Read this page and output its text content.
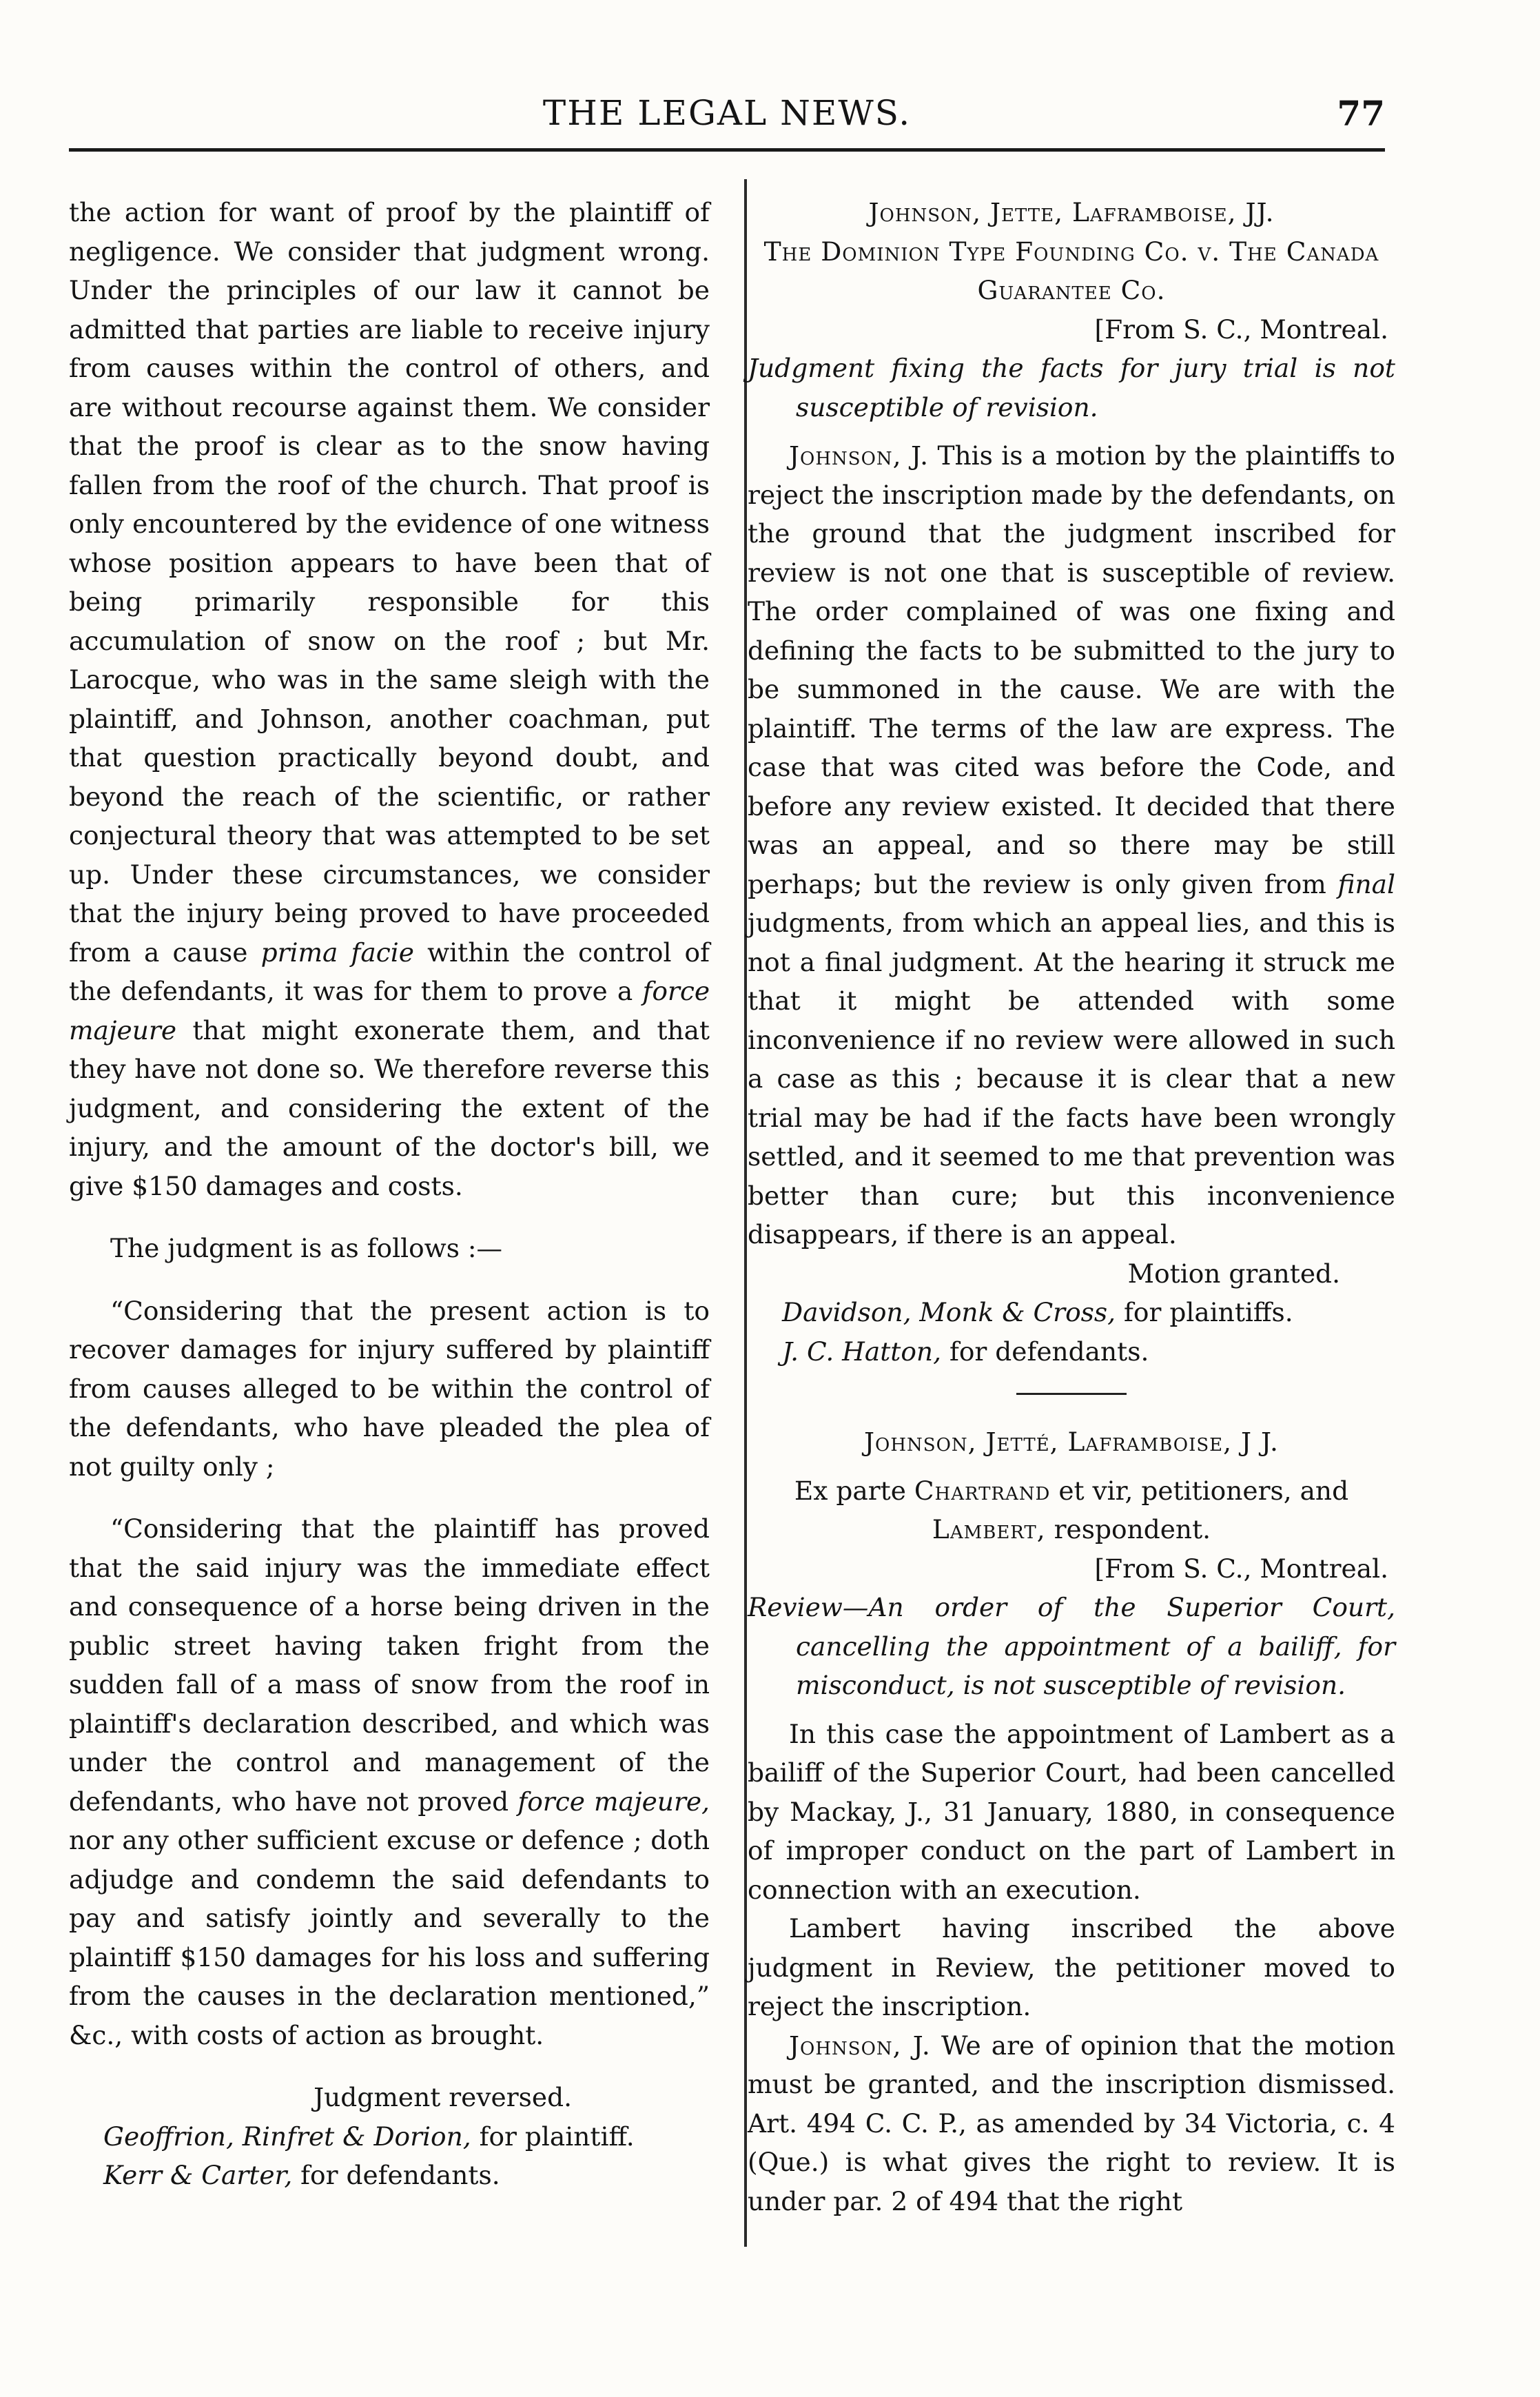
THE LEGAL NEWS.	77

the action for want of proof by the plaintiff of negligence. We consider that judgment wrong. Under the principles of our law it cannot be admitted that parties are liable to receive injury from causes within the control of others, and are without recourse against them. We consider that the proof is clear as to the snow having fallen from the roof of the church. That proof is only encountered by the evidence of one witness whose position appears to have been that of being primarily responsible for this accumulation of snow on the roof ; but Mr. Larocque, who was in the same sleigh with the plaintiff, and Johnson, another coachman, put that question practically beyond doubt, and beyond the reach of the scientific, or rather conjectural theory that was attempted to be set up. Under these circumstances, we consider that the injury being proved to have proceeded from a cause prima facie within the control of the defendants, it was for them to prove a force majeure that might exonerate them, and that they have not done so. We therefore reverse this judgment, and considering the extent of the injury, and the amount of the doctor's bill, we give $150 damages and costs.

The judgment is as follows :—

“Considering that the present action is to recover damages for injury suffered by plaintiff from causes alleged to be within the control of the defendants, who have pleaded the plea of not guilty only ;

“Considering that the plaintiff has proved that the said injury was the immediate effect and consequence of a horse being driven in the public street having taken fright from the sudden fall of a mass of snow from the roof in plaintiff's declaration described, and which was under the control and management of the defendants, who have not proved force majeure, nor any other sufficient excuse or defence ; doth adjudge and condemn the said defendants to pay and satisfy jointly and severally to the plaintiff $150 damages for his loss and suffering from the causes in the declaration mentioned,” &c., with costs of action as brought.

Judgment reversed.

Geoffrion, Rinfret & Dorion, for plaintiff.

Kerr & Carter, for defendants.

Johnson, Jette, Laframboise, JJ.

The Dominion Type Founding Co. v. The Canada

Guarantee Co.

[From S. C., Montreal.

Judgment fixing the facts for jury trial is not susceptible of revision.

Johnson, J. This is a motion by the plaintiffs to reject the inscription made by the defendants, on the ground that the judgment inscribed for review is not one that is susceptible of review. The order complained of was one fixing and defining the facts to be submitted to the jury to be summoned in the cause. We are with the plaintiff. The terms of the law are express. The case that was cited was before the Code, and before any review existed. It decided that there was an appeal, and so there may be still perhaps; but the review is only given from final judgments, from which an appeal lies, and this is not a final judgment. At the hearing it struck me that it might be attended with some inconvenience if no review were allowed in such a case as this ; because it is clear that a new trial may be had if the facts have been wrongly settled, and it seemed to me that prevention was better than cure; but this inconvenience disappears, if there is an appeal.

Motion granted.

Davidson, Monk & Cross, for plaintiffs.

J. C. Hatton, for defendants.

Johnson, Jetté, Laframboise, J J.

Ex parte Chartrand et vir, petitioners, and
Lambert, respondent.

[From S. C., Montreal.

Review—An order of the Superior Court, cancelling the appointment of a bailiff, for misconduct, is not susceptible of revision.

In this case the appointment of Lambert as a bailiff of the Superior Court, had been cancelled by Mackay, J., 31 January, 1880, in consequence of improper conduct on the part of Lambert in connection with an execution.

Lambert having inscribed the above judgment in Review, the petitioner moved to reject the inscription.

Johnson, J. We are of opinion that the motion must be granted, and the inscription dismissed. Art. 494 C. C. P., as amended by 34 Victoria, c. 4 (Que.) is what gives the right to review. It is under par. 2 of 494 that the right
